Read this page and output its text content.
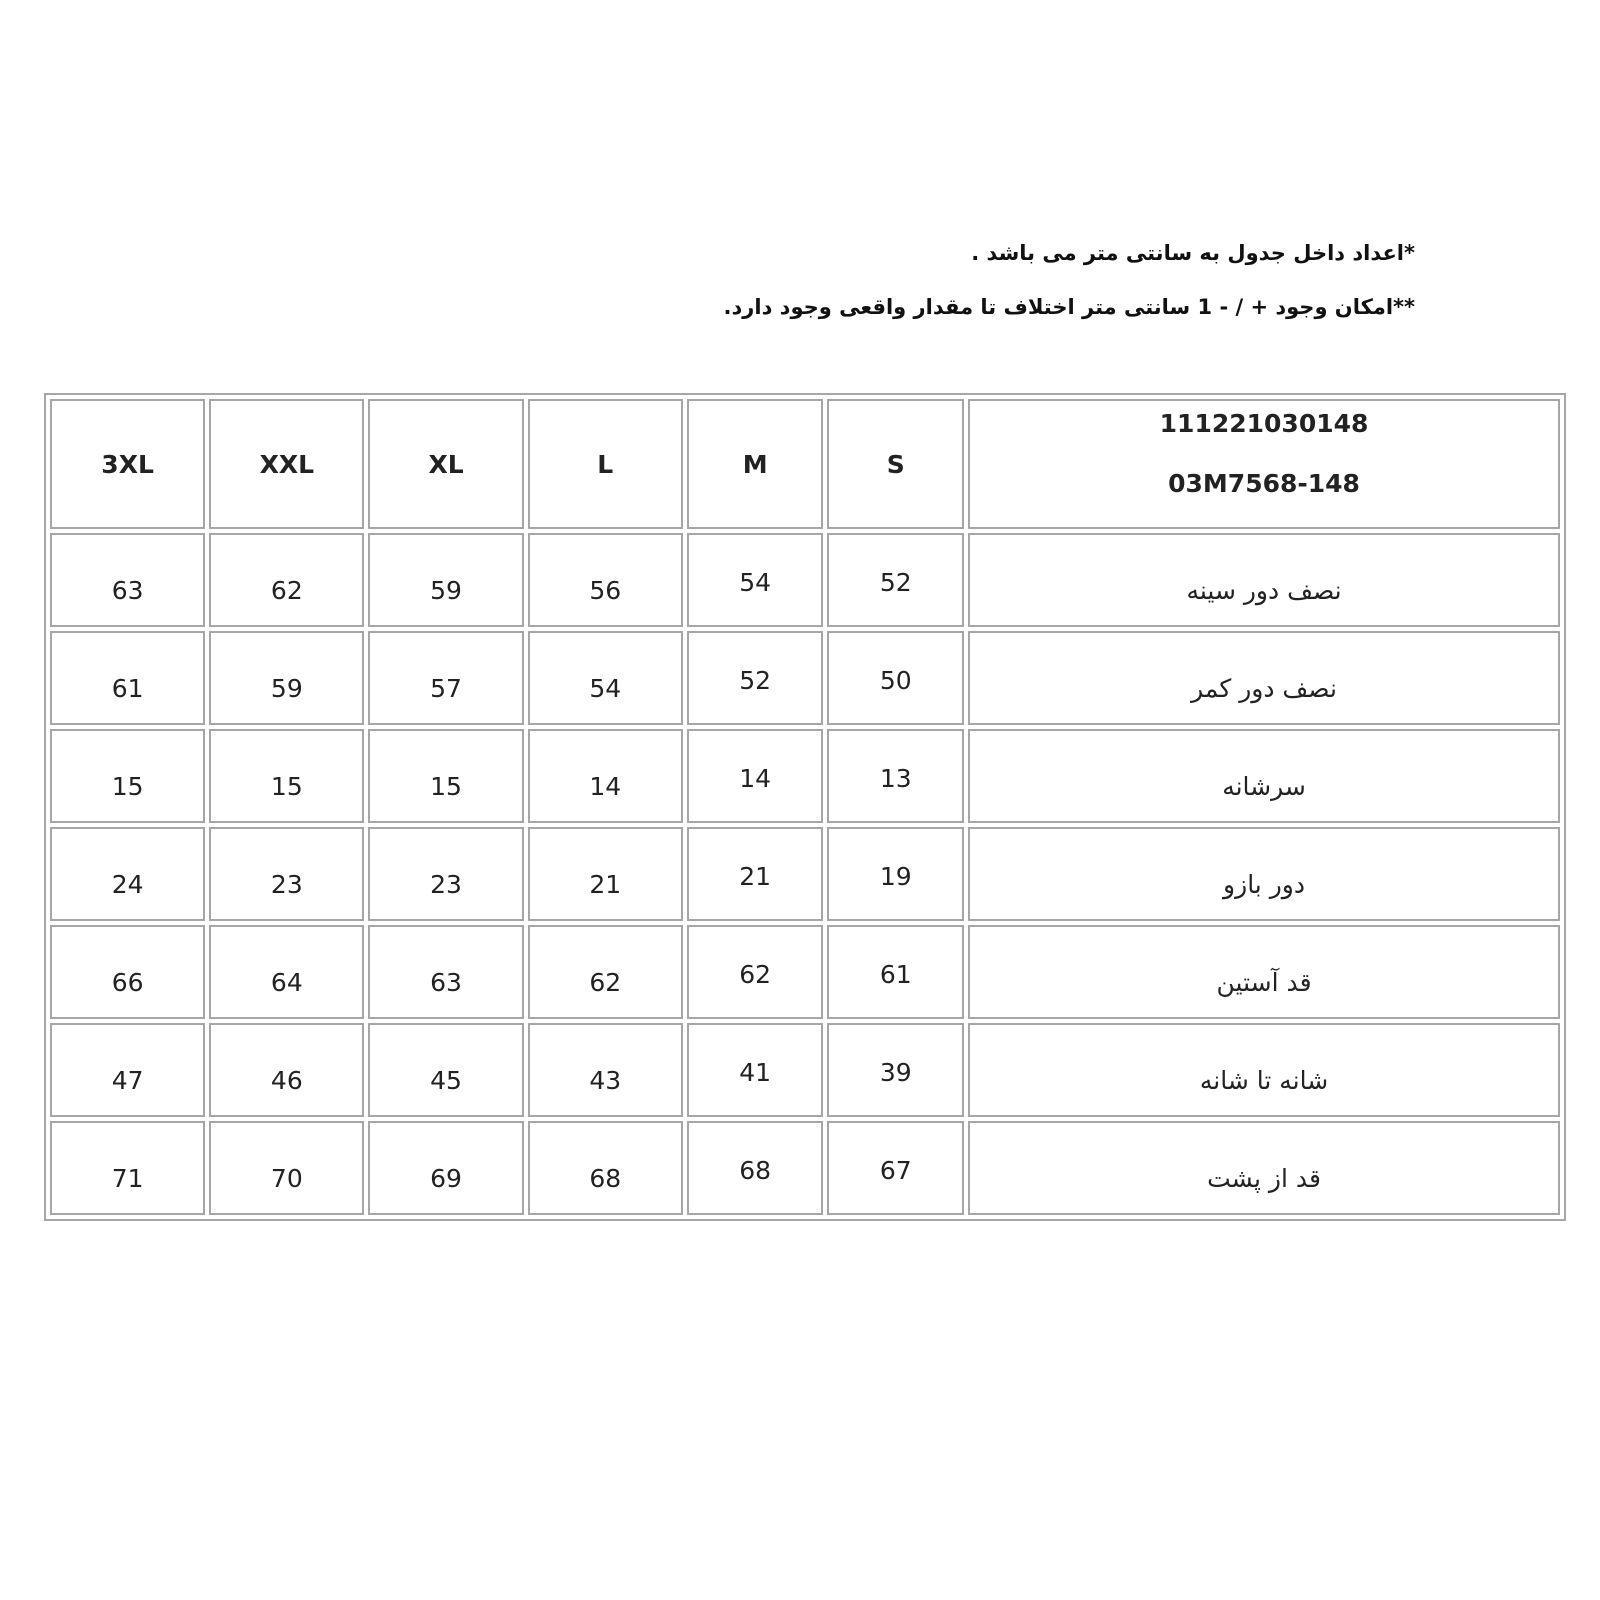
*اعداد داخل جدول به سانتی متر می باشد .
**امکان وجود + / - 1 سانتی متر اختلاف تا مقدار واقعی وجود دارد.
3XL	XXL	XL	L	M	S	111221030148
03M7568-148

63	62	59	56	54	52	نصف دور سینه

61	59	57	54	52	50	نصف دور کمر

15	15	15	14	14	13	سرشانه

24	23	23	21	21	19	دور بازو

66	64	63	62	62	61	قد آستین

47	46	45	43	41	39	شانه تا شانه

71	70	69	68	68	67	قد از پشت
